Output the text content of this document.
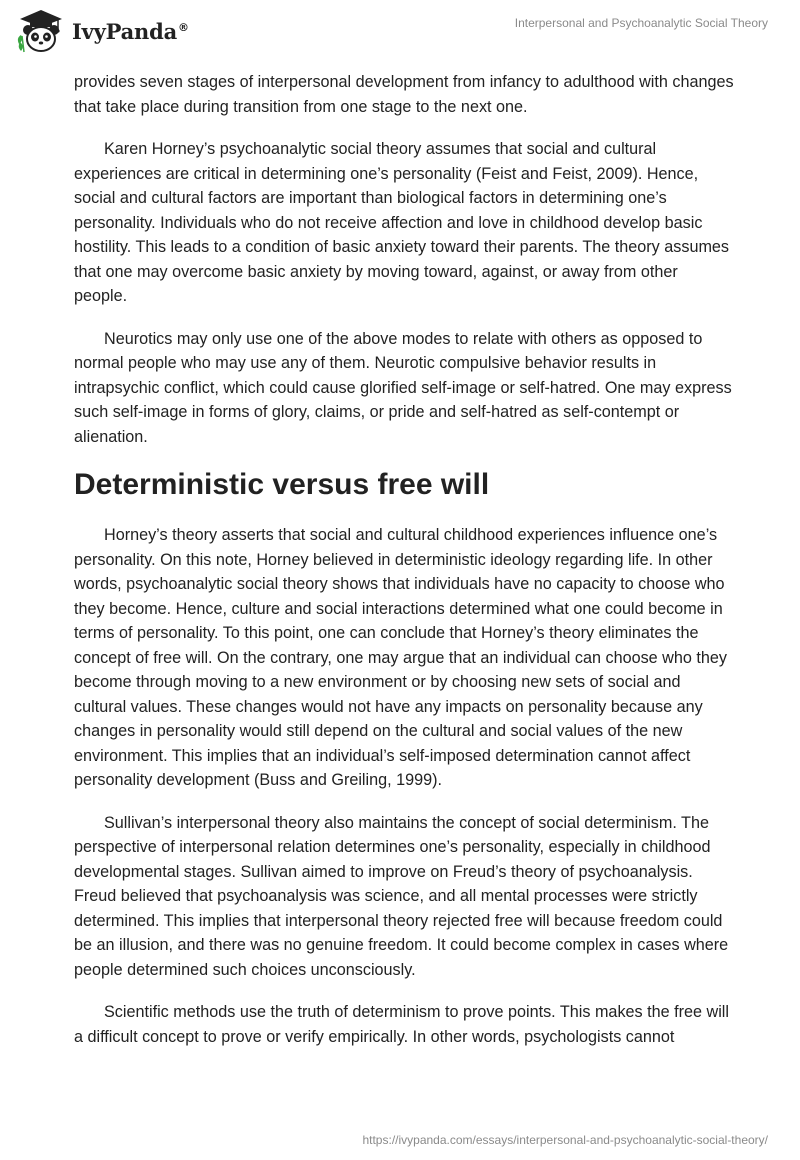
IvyPanda®	Interpersonal and Psychoanalytic Social Theory

provides seven stages of interpersonal development from infancy to adulthood with changes that take place during transition from one stage to the next one.

Karen Horney’s psychoanalytic social theory assumes that social and cultural experiences are critical in determining one’s personality (Feist and Feist, 2009). Hence, social and cultural factors are important than biological factors in determining one’s personality. Individuals who do not receive affection and love in childhood develop basic hostility. This leads to a condition of basic anxiety toward their parents. The theory assumes that one may overcome basic anxiety by moving toward, against, or away from other people.

Neurotics may only use one of the above modes to relate with others as opposed to normal people who may use any of them. Neurotic compulsive behavior results in intrapsychic conflict, which could cause glorified self-image or self-hatred. One may express such self-image in forms of glory, claims, or pride and self-hatred as self-contempt or alienation.

Deterministic versus free will

Horney’s theory asserts that social and cultural childhood experiences influence one’s personality. On this note, Horney believed in deterministic ideology regarding life. In other words, psychoanalytic social theory shows that individuals have no capacity to choose who they become. Hence, culture and social interactions determined what one could become in terms of personality. To this point, one can conclude that Horney’s theory eliminates the concept of free will. On the contrary, one may argue that an individual can choose who they become through moving to a new environment or by choosing new sets of social and cultural values. These changes would not have any impacts on personality because any changes in personality would still depend on the cultural and social values of the new environment. This implies that an individual’s self-imposed determination cannot affect personality development (Buss and Greiling, 1999).

Sullivan’s interpersonal theory also maintains the concept of social determinism. The perspective of interpersonal relation determines one’s personality, especially in childhood developmental stages. Sullivan aimed to improve on Freud’s theory of psychoanalysis. Freud believed that psychoanalysis was science, and all mental processes were strictly determined. This implies that interpersonal theory rejected free will because freedom could be an illusion, and there was no genuine freedom. It could become complex in cases where people determined such choices unconsciously.

Scientific methods use the truth of determinism to prove points. This makes the free will a difficult concept to prove or verify empirically. In other words, psychologists cannot

https://ivypanda.com/essays/interpersonal-and-psychoanalytic-social-theory/
